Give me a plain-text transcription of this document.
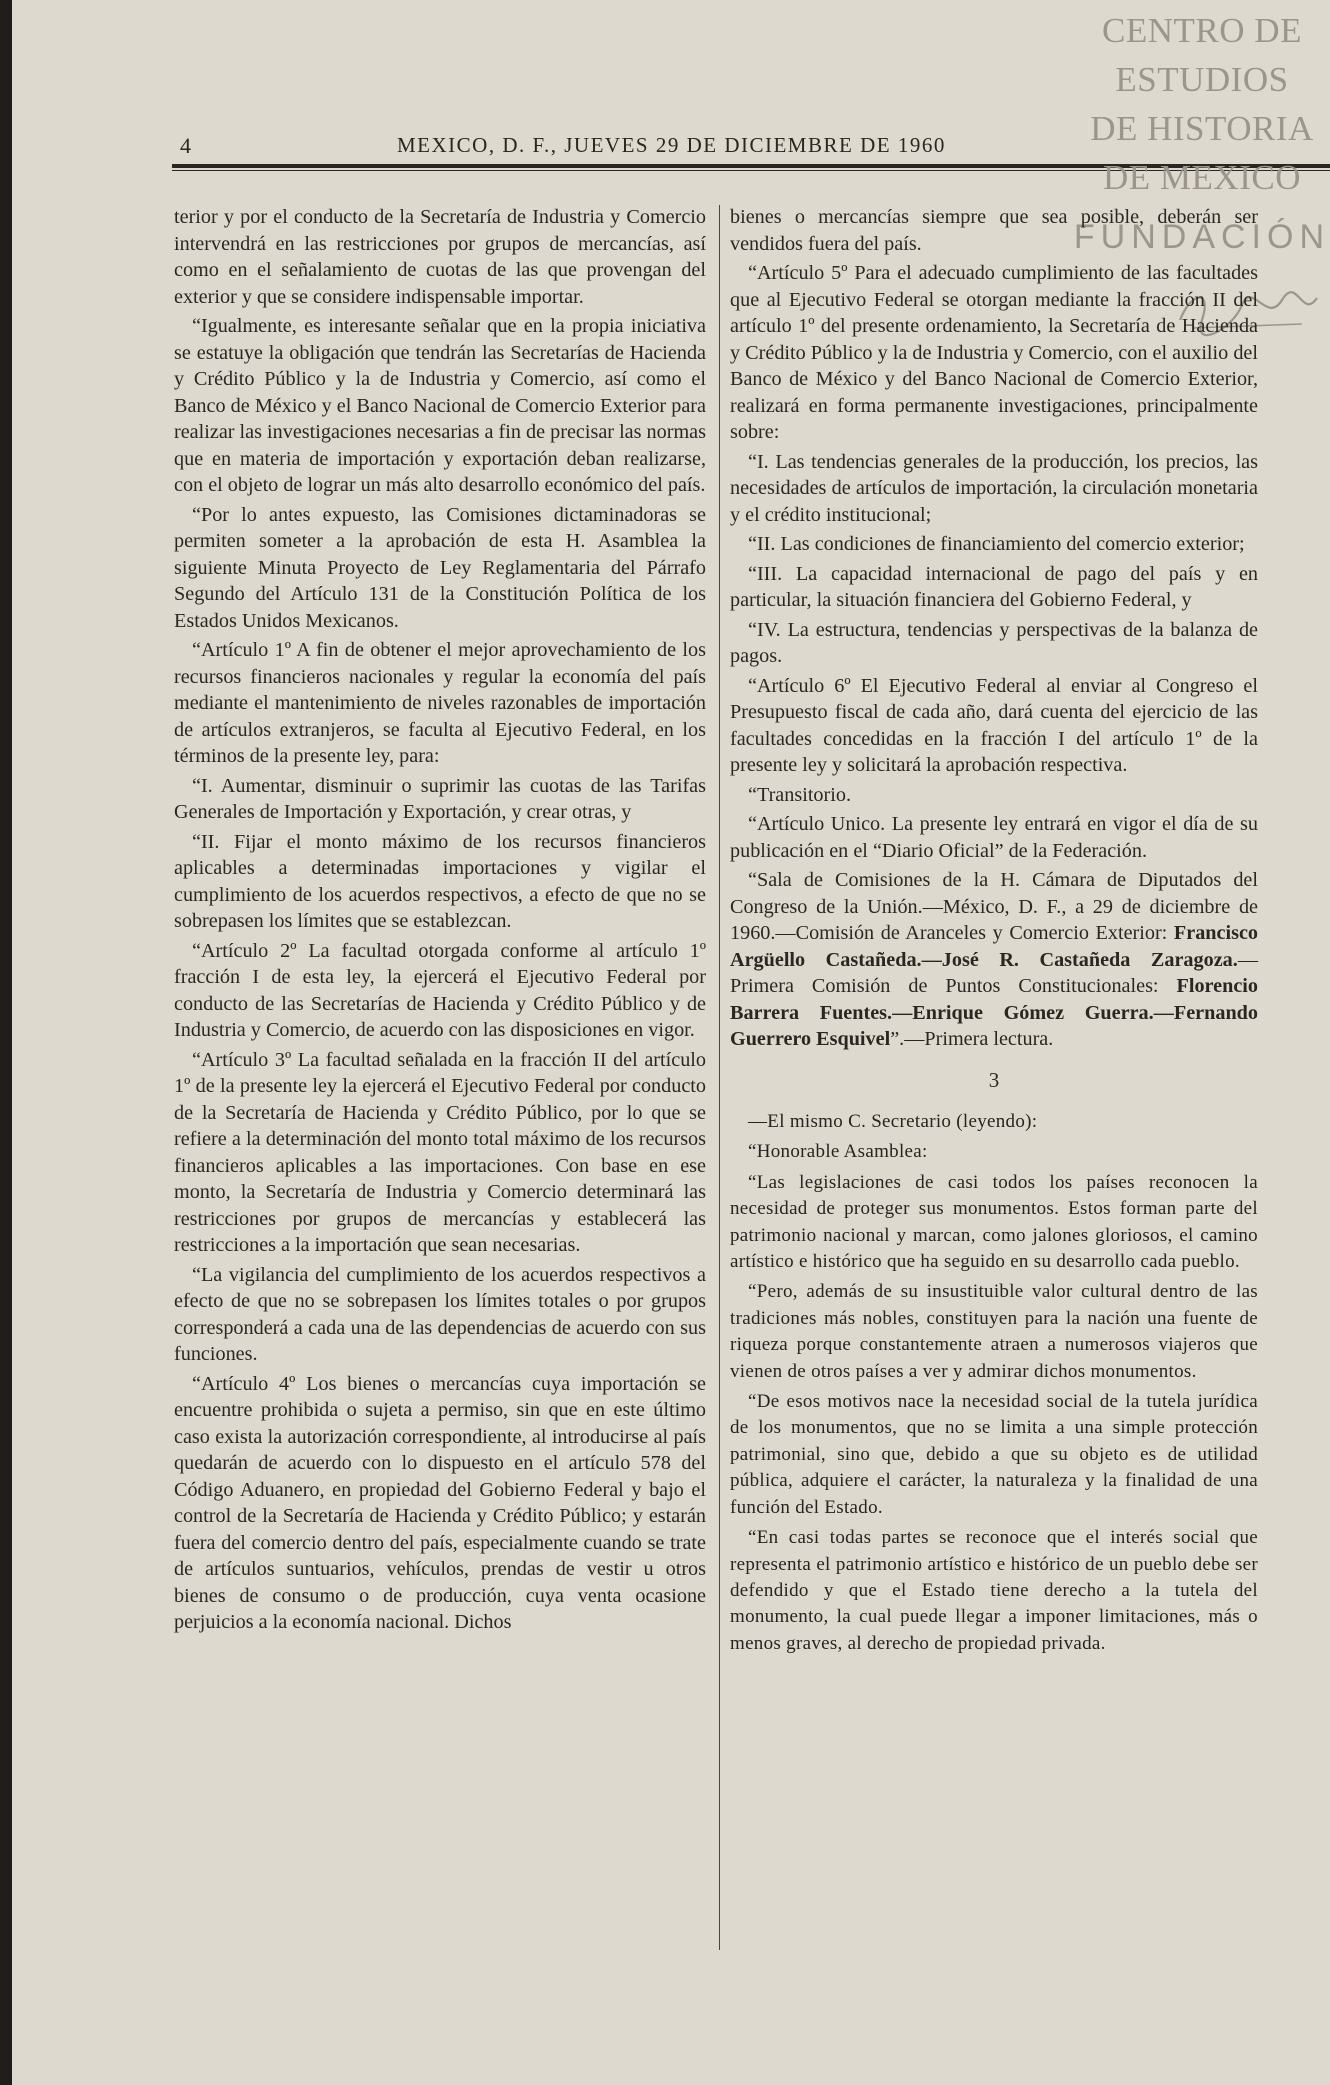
4	MEXICO, D. F., JUEVES 29 DE DICIEMBRE DE 1960
CENTRO DE
ESTUDIOS
DE HISTORIA
DE MEXICO
FUNDACIÓN

terior y por el conducto de la Secretaría de Industria y Comercio intervendrá en las restricciones por grupos de mercancías, así como en el señalamiento de cuotas de las que provengan del exterior y que se considere indispensable importar.

“Igualmente, es interesante señalar que en la propia iniciativa se estatuye la obligación que tendrán las Secretarías de Hacienda y Crédito Público y la de Industria y Comercio, así como el Banco de México y el Banco Nacional de Comercio Exterior para realizar las investigaciones necesarias a fin de precisar las normas que en materia de importación y exportación deban realizarse, con el objeto de lograr un más alto desarrollo económico del país.

“Por lo antes expuesto, las Comisiones dictaminadoras se permiten someter a la aprobación de esta H. Asamblea la siguiente Minuta Proyecto de Ley Reglamentaria del Párrafo Segundo del Artículo 131 de la Constitución Política de los Estados Unidos Mexicanos.

“Artículo 1º A fin de obtener el mejor aprovechamiento de los recursos financieros nacionales y regular la economía del país mediante el mantenimiento de niveles razonables de importación de artículos extranjeros, se faculta al Ejecutivo Federal, en los términos de la presente ley, para:

“I. Aumentar, disminuir o suprimir las cuotas de las Tarifas Generales de Importación y Exportación, y crear otras, y

“II. Fijar el monto máximo de los recursos financieros aplicables a determinadas importaciones y vigilar el cumplimiento de los acuerdos respectivos, a efecto de que no se sobrepasen los límites que se establezcan.

“Artículo 2º La facultad otorgada conforme al artículo 1º fracción I de esta ley, la ejercerá el Ejecutivo Federal por conducto de las Secretarías de Hacienda y Crédito Público y de Industria y Comercio, de acuerdo con las disposiciones en vigor.

“Artículo 3º La facultad señalada en la fracción II del artículo 1º de la presente ley la ejercerá el Ejecutivo Federal por conducto de la Secretaría de Hacienda y Crédito Público, por lo que se refiere a la determinación del monto total máximo de los recursos financieros aplicables a las importaciones. Con base en ese monto, la Secretaría de Industria y Comercio determinará las restricciones por grupos de mercancías y establecerá las restricciones a la importación que sean necesarias.

“La vigilancia del cumplimiento de los acuerdos respectivos a efecto de que no se sobrepasen los límites totales o por grupos corresponderá a cada una de las dependencias de acuerdo con sus funciones.

“Artículo 4º Los bienes o mercancías cuya importación se encuentre prohibida o sujeta a permiso, sin que en este último caso exista la autorización correspondiente, al introducirse al país quedarán de acuerdo con lo dispuesto en el artículo 578 del Código Aduanero, en propiedad del Gobierno Federal y bajo el control de la Secretaría de Hacienda y Crédito Público; y estarán fuera del comercio dentro del país, especialmente cuando se trate de artículos suntuarios, vehículos, prendas de vestir u otros bienes de consumo o de producción, cuya venta ocasione perjuicios a la economía nacional. Dichos

bienes o mercancías siempre que sea posible, deberán ser vendidos fuera del país.

“Artículo 5º Para el adecuado cumplimiento de las facultades que al Ejecutivo Federal se otorgan mediante la fracción II del artículo 1º del presente ordenamiento, la Secretaría de Hacienda y Crédito Público y la de Industria y Comercio, con el auxilio del Banco de México y del Banco Nacional de Comercio Exterior, realizará en forma permanente investigaciones, principalmente sobre:

“I. Las tendencias generales de la producción, los precios, las necesidades de artículos de importación, la circulación monetaria y el crédito institucional;

“II. Las condiciones de financiamiento del comercio exterior;

“III. La capacidad internacional de pago del país y en particular, la situación financiera del Gobierno Federal, y

“IV. La estructura, tendencias y perspectivas de la balanza de pagos.

“Artículo 6º El Ejecutivo Federal al enviar al Congreso el Presupuesto fiscal de cada año, dará cuenta del ejercicio de las facultades concedidas en la fracción I del artículo 1º de la presente ley y solicitará la aprobación respectiva.

“Transitorio.

“Artículo Unico. La presente ley entrará en vigor el día de su publicación en el “Diario Oficial” de la Federación.

“Sala de Comisiones de la H. Cámara de Diputados del Congreso de la Unión.—México, D. F., a 29 de diciembre de 1960.—Comisión de Aranceles y Comercio Exterior: Francisco Argüello Castañeda.—José R. Castañeda Zaragoza.—Primera Comisión de Puntos Constitucionales: Florencio Barrera Fuentes.—Enrique Gómez Guerra.—Fernando Guerrero Esquivel”.—Primera lectura.

3

—El mismo C. Secretario (leyendo):

“Honorable Asamblea:

“Las legislaciones de casi todos los países reconocen la necesidad de proteger sus monumentos. Estos forman parte del patrimonio nacional y marcan, como jalones gloriosos, el camino artístico e histórico que ha seguido en su desarrollo cada pueblo.

“Pero, además de su insustituible valor cultural dentro de las tradiciones más nobles, constituyen para la nación una fuente de riqueza porque constantemente atraen a numerosos viajeros que vienen de otros países a ver y admirar dichos monumentos.

“De esos motivos nace la necesidad social de la tutela jurídica de los monumentos, que no se limita a una simple protección patrimonial, sino que, debido a que su objeto es de utilidad pública, adquiere el carácter, la naturaleza y la finalidad de una función del Estado.

“En casi todas partes se reconoce que el interés social que representa el patrimonio artístico e histórico de un pueblo debe ser defendido y que el Estado tiene derecho a la tutela del monumento, la cual puede llegar a imponer limitaciones, más o menos graves, al derecho de propiedad privada.
